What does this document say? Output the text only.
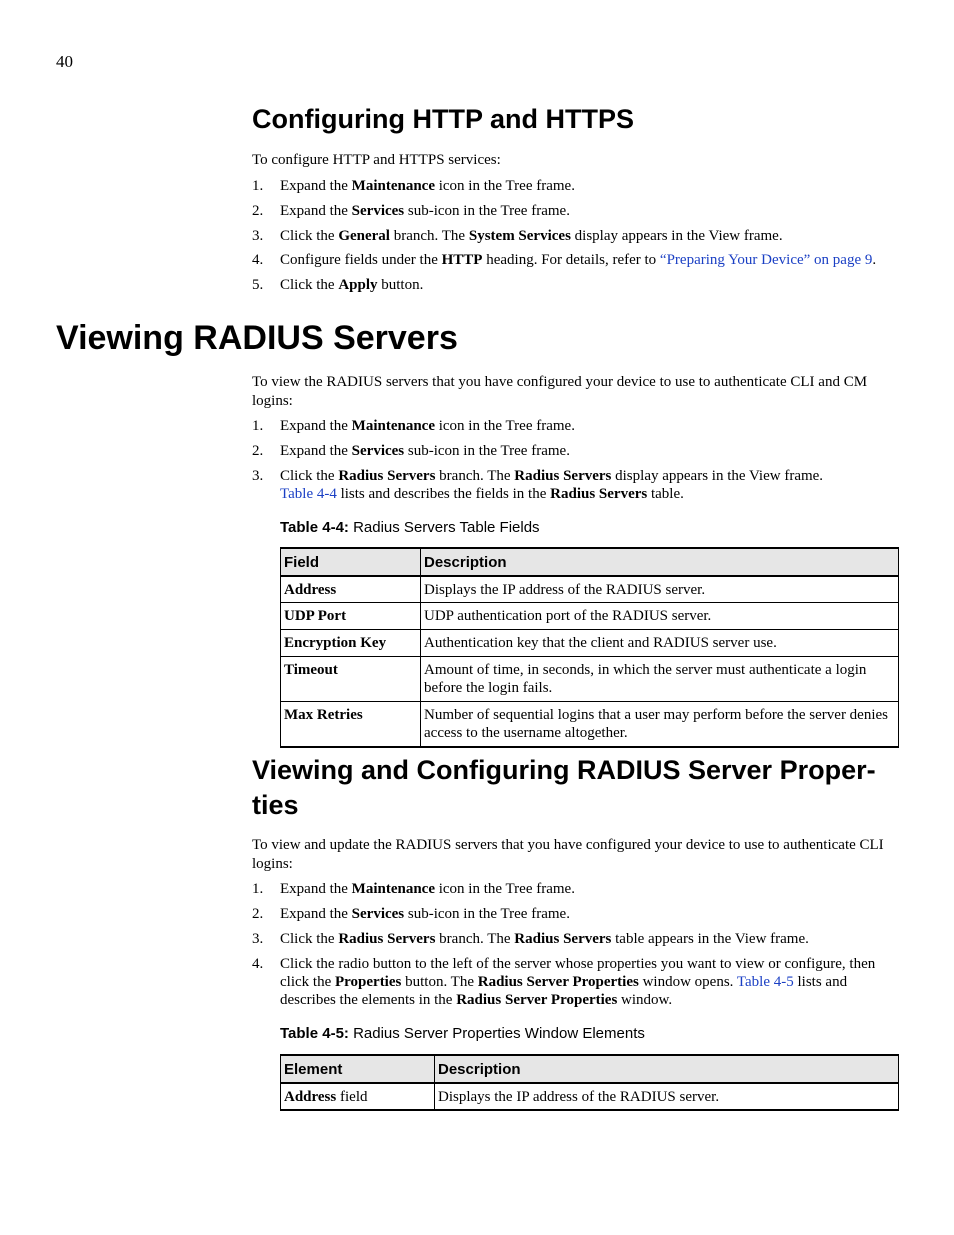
40
Configuring HTTP and HTTPS
To configure HTTP and HTTPS services:
1. Expand the Maintenance icon in the Tree frame.
2. Expand the Services sub-icon in the Tree frame.
3. Click the General branch. The System Services display appears in the View frame.
4. Configure fields under the HTTP heading. For details, refer to “Preparing Your Device” on page 9.
5. Click the Apply button.
Viewing RADIUS Servers
To view the RADIUS servers that you have configured your device to use to authenticate CLI and CM logins:
1. Expand the Maintenance icon in the Tree frame.
2. Expand the Services sub-icon in the Tree frame.
3. Click the Radius Servers branch. The Radius Servers display appears in the View frame.
Table 4-4 lists and describes the fields in the Radius Servers table.
Table 4-4: Radius Servers Table Fields
Field	Description
Address	Displays the IP address of the RADIUS server.
UDP Port	UDP authentication port of the RADIUS server.
Encryption Key	Authentication key that the client and RADIUS server use.
Timeout	Amount of time, in seconds, in which the server must authenticate a login before the login fails.
Max Retries	Number of sequential logins that a user may perform before the server denies access to the username altogether.
Viewing and Configuring RADIUS Server Proper-
ties
To view and update the RADIUS servers that you have configured your device to use to authenticate CLI logins:
1. Expand the Maintenance icon in the Tree frame.
2. Expand the Services sub-icon in the Tree frame.
3. Click the Radius Servers branch. The Radius Servers table appears in the View frame.
4. Click the radio button to the left of the server whose properties you want to view or configure, then click the Properties button. The Radius Server Properties window opens. Table 4-5 lists and describes the elements in the Radius Server Properties window.
Table 4-5: Radius Server Properties Window Elements
Element	Description
Address field	Displays the IP address of the RADIUS server.
